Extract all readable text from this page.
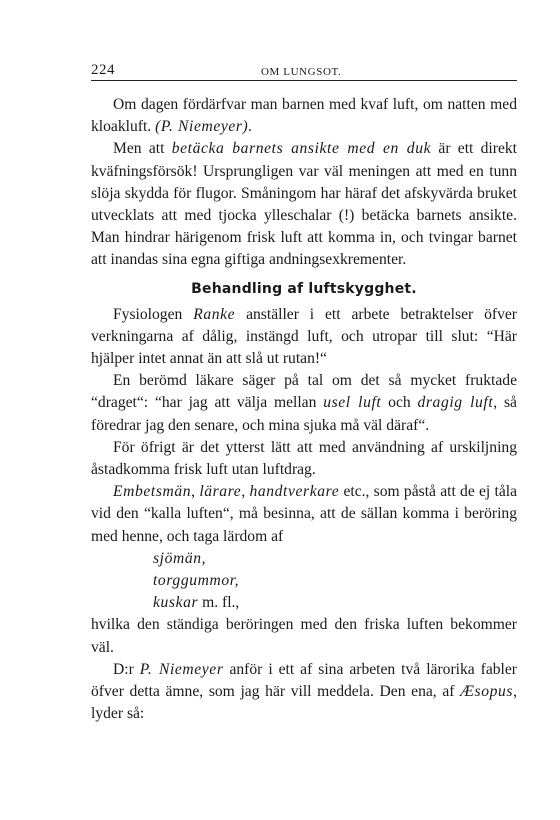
224	OM LUNGSOT.

Om dagen fördärfvar man barnen med kvaf luft, om natten med kloakluft. (P. Niemeyer).

Men att betäcka barnets ansikte med en duk är ett direkt kväfningsförsök! Ursprungligen var väl meningen att med en tunn slöja skydda för flugor. Småningom har häraf det afskyvärda bruket utvecklats att med tjocka ylleschalar (!) betäcka barnets ansikte. Man hindrar härigenom frisk luft att komma in, och tvingar barnet att inandas sina egna giftiga andningsexkrementer.

Behandling af luftskygghet.

Fysiologen Ranke anställer i ett arbete betraktelser öfver verkningarna af dålig, instängd luft, och utropar till slut: “Här hjälper intet annat än att slå ut rutan!“

En berömd läkare säger på tal om det så mycket fruktade “draget“: “har jag att välja mellan usel luft och dragig luft, så föredrar jag den senare, och mina sjuka må väl däraf“.

För öfrigt är det ytterst lätt att med användning af urskiljning åstadkomma frisk luft utan luftdrag.

Embetsmän, lärare, handtverkare etc., som påstå att de ej tåla vid den “kalla luften“, må besinna, att de sällan komma i beröring med henne, och taga lärdom af

sjömän,
torggummor,
kuskar m. fl.,
hvilka den ständiga beröringen med den friska luften bekommer väl.

D:r P. Niemeyer anför i ett af sina arbeten två lärorika fabler öfver detta ämne, som jag här vill meddela. Den ena, af Æsopus, lyder så:
